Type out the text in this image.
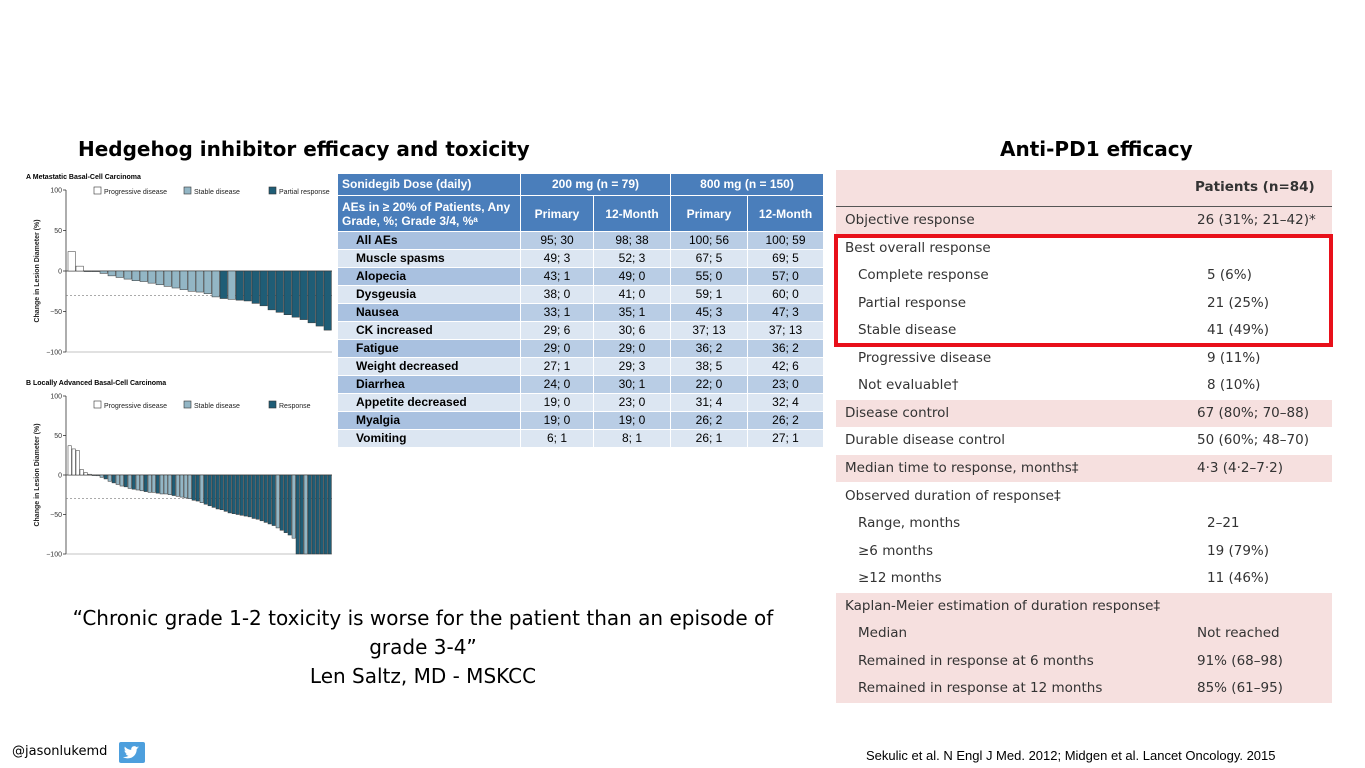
Hedgehog inhibitor efficacy and toxicity	Anti-PD1 efficacy
A Metastatic Basal-Cell Carcinoma
Progressive disease	Stable disease	Partial response
100
50
0
−50
−100
Change in Lesion Diameter (%)
B Locally Advanced Basal-Cell Carcinoma
Progressive disease	Stable disease	Response
100
50
0
−50
−100
Change in Lesion Diameter (%)
Sonidegib Dose (daily)	200 mg (n = 79)		800 mg (n = 150)	
AEs in ≥ 20% of Patients, Any Grade, %; Grade 3/4, %ᵃ	Primary	12-Month	Primary	12-Month
All AEs	95; 30	98; 38	100; 56	100; 59
Muscle spasms	49; 3	52; 3	67; 5	69; 5
Alopecia	43; 1	49; 0	55; 0	57; 0
Dysgeusia	38; 0	41; 0	59; 1	60; 0
Nausea	33; 1	35; 1	45; 3	47; 3
CK increased	29; 6	30; 6	37; 13	37; 13
Fatigue	29; 0	29; 0	36; 2	36; 2
Weight decreased	27; 1	29; 3	38; 5	42; 6
Diarrhea	24; 0	30; 1	22; 0	23; 0
Appetite decreased	19; 0	23; 0	31; 4	32; 4
Myalgia	19; 0	19; 0	26; 2	26; 2
Vomiting	6; 1	8; 1	26; 1	27; 1
“Chronic grade 1-2 toxicity is worse for the patient than an episode of
grade 3-4”

Len Saltz, MD - MSKCC
Patients (n=84)
Objective response	26 (31%; 21–42)*
Best overall response
Complete response	5 (6%)
Partial response	21 (25%)
Stable disease	41 (49%)
Progressive disease	9 (11%)
Not evaluable†	8 (10%)
Disease control	67 (80%; 70–88)
Durable disease control	50 (60%; 48–70)
Median time to response, months‡	4·3 (4·2–7·2)
Observed duration of response‡
Range, months	2–21
≥6 months	19 (79%)
≥12 months	11 (46%)
Kaplan-Meier estimation of duration response‡
Median	Not reached
Remained in response at 6 months	91% (68–98)
Remained in response at 12 months	85% (61–95)
@jasonlukemd	Sekulic et al. N Engl J Med. 2012; Midgen et al. Lancet Oncology. 2015
